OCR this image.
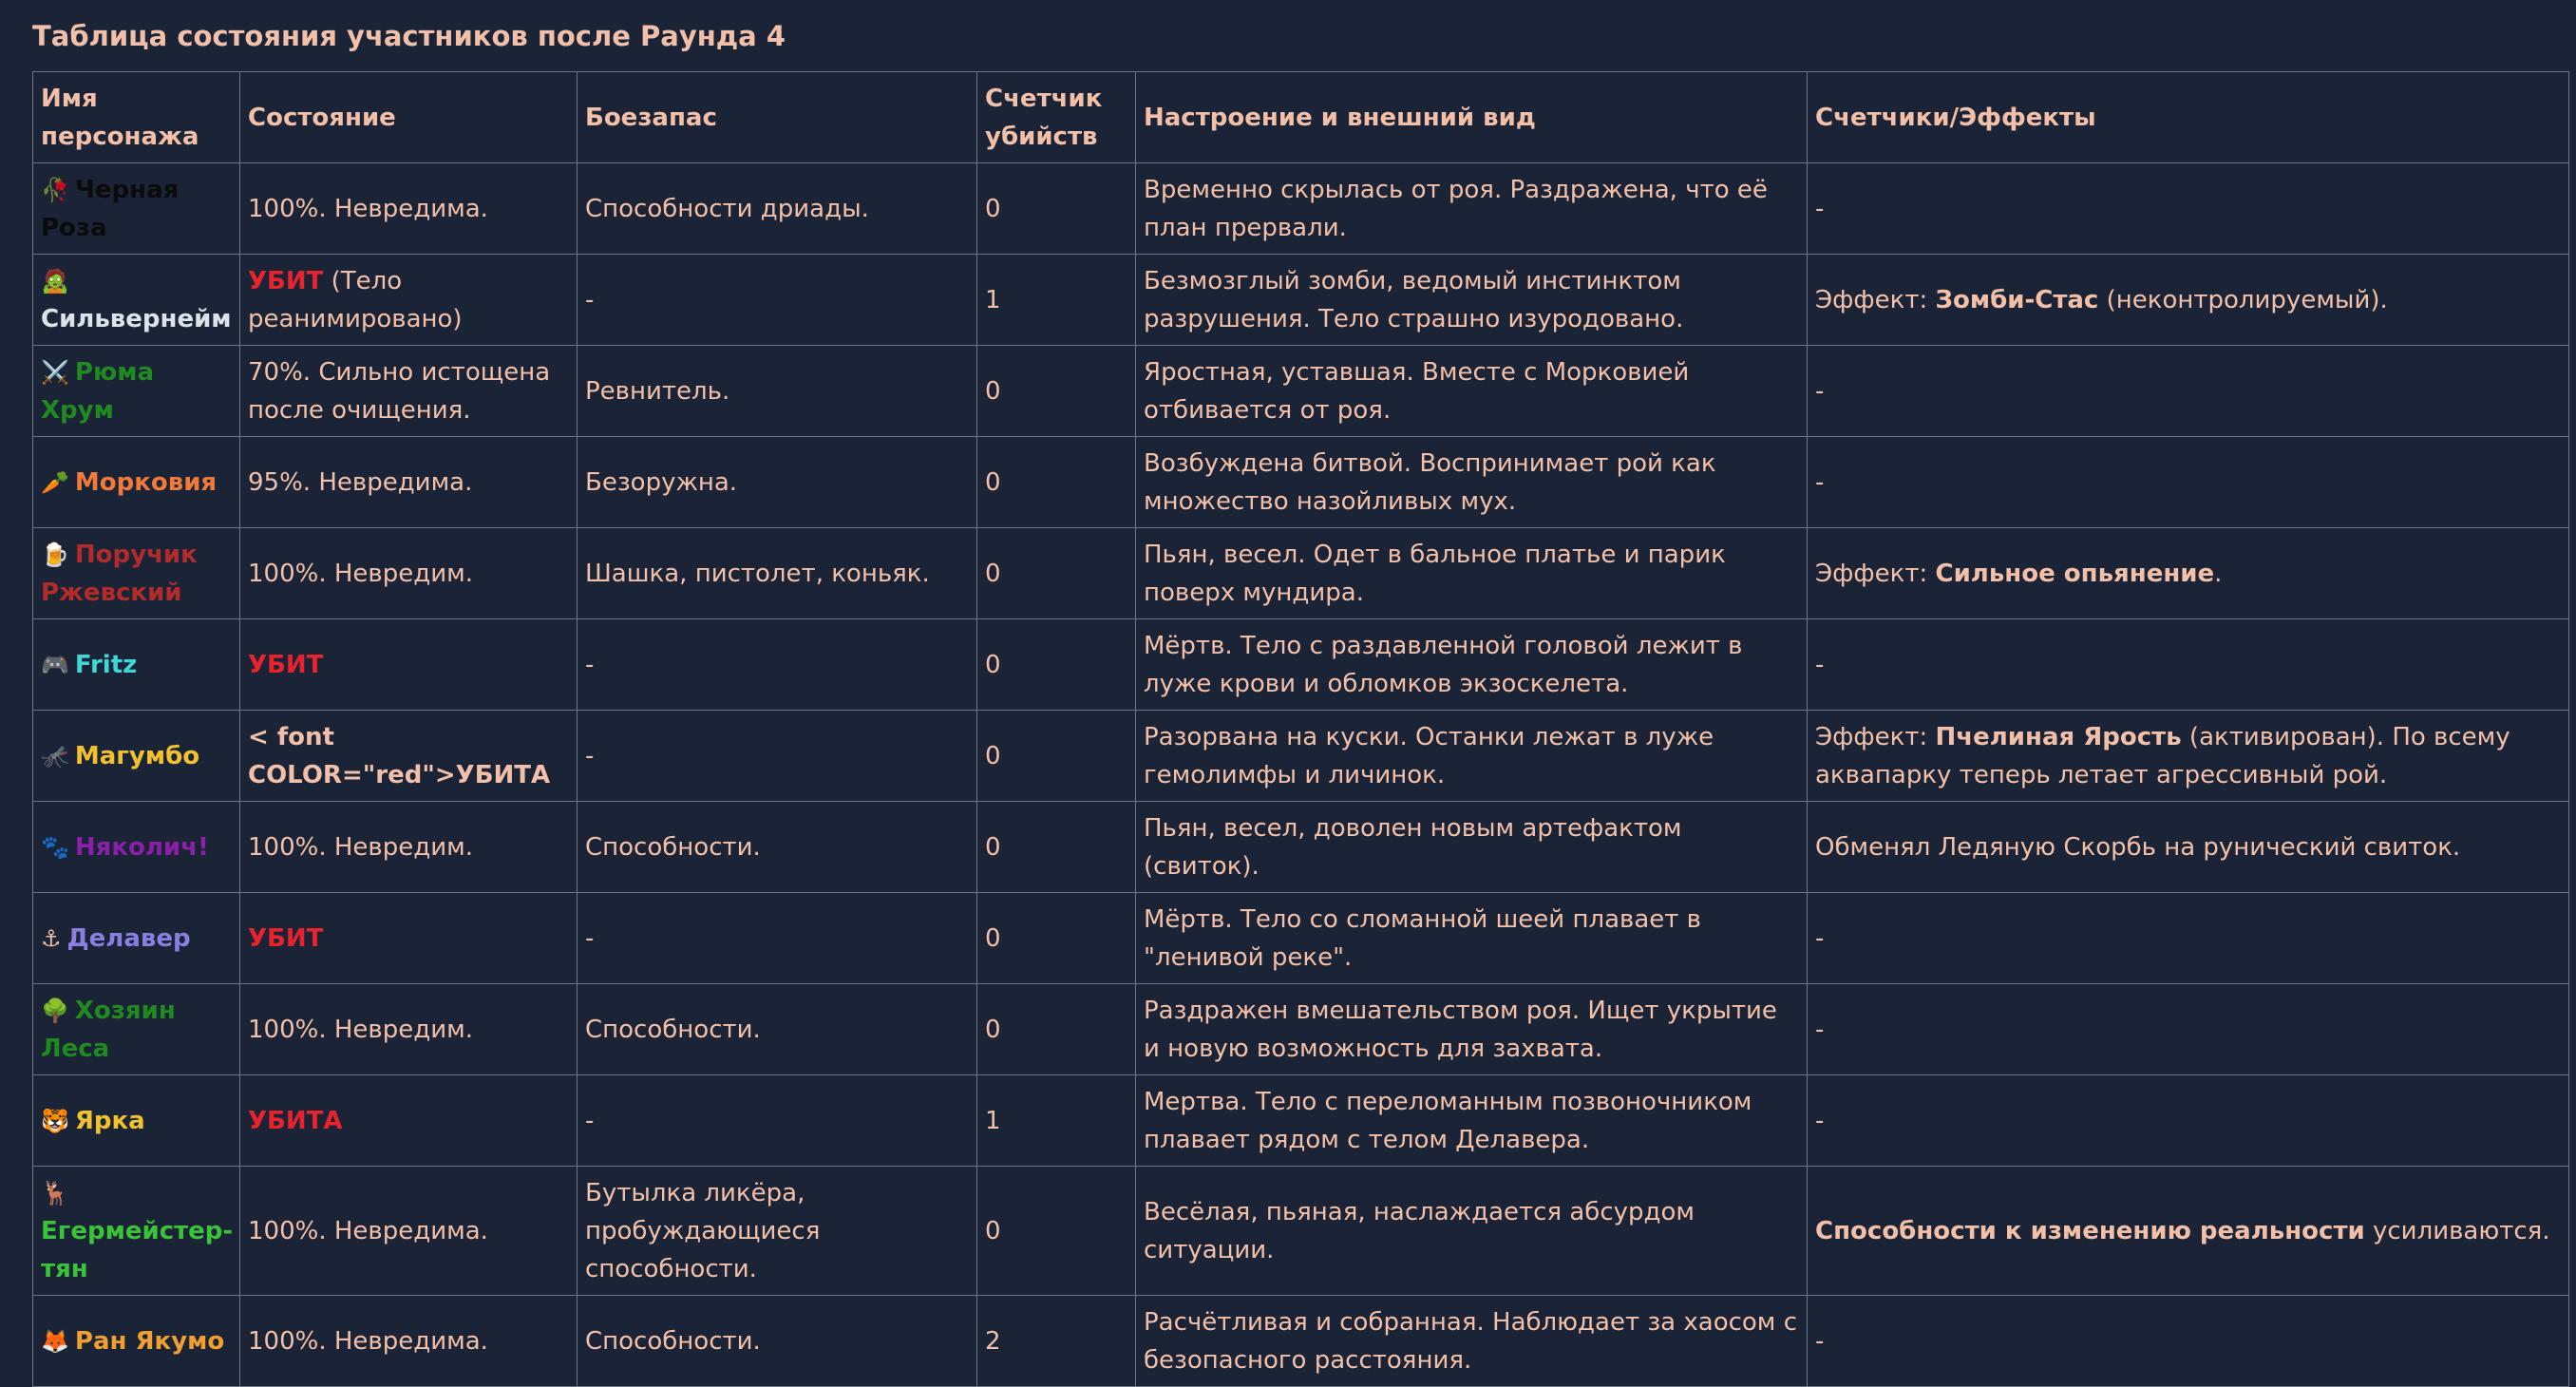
Таблица состояния участников после Раунда 4
Имя персонажа	Состояние	Боезапас	Счетчик убийств	Настроение и внешний вид	Счетчики/Эффекты
🥀 Черная Роза	100%. Невредима.	Способности дриады.	0	Временно скрылась от роя. Раздражена, что её план прервали.	-
🧟Сильвернейм	УБИТ (Тело реанимировано)	-	1	Безмозглый зомби, ведомый инстинктом разрушения. Тело страшно изуродовано.	Эффект: Зомби-Стас (неконтролируемый).
⚔️ Рюма Хрум	70%. Сильно истощена после очищения.	Ревнитель.	0	Яростная, уставшая. Вместе с Морковией отбивается от роя.	-
🥕 Морковия	95%. Невредима.	Безоружна.	0	Возбуждена битвой. Воспринимает рой как множество назойливых мух.	-
🍺 Поручик Ржевский	100%. Невредим.	Шашка, пистолет, коньяк.	0	Пьян, весел. Одет в бальное платье и парик поверх мундира.	Эффект: Сильное опьянение.
🎮 Fritz	УБИТ	-	0	Мёртв. Тело с раздавленной головой лежит в луже крови и обломков экзоскелета.	-
🦟 Магумбо	< font COLOR="red">УБИТА	-	0	Разорвана на куски. Останки лежат в луже гемолимфы и личинок.	Эффект: Пчелиная Ярость (активирован). По всему аквапарку теперь летает агрессивный рой.
🐾 Няколич!	100%. Невредим.	Способности.	0	Пьян, весел, доволен новым артефактом (свиток).	Обменял Ледяную Скорбь на рунический свиток.
⚓ Делавер	УБИТ	-	0	Мёртв. Тело со сломанной шеей плавает в "ленивой реке".	-
🌳 Хозяин Леса	100%. Невредим.	Способности.	0	Раздражен вмешательством роя. Ищет укрытие и новую возможность для захвата.	-
🐯 Ярка	УБИТА	-	1	Мертва. Тело с переломанным позвоночником плавает рядом с телом Делавера.	-
🦌Егермейстер-тян	100%. Невредима.	Бутылка ликёра, пробуждающиеся способности.	0	Весёлая, пьяная, наслаждается абсурдом ситуации.	Способности к изменению реальности усиливаются.
🦊 Ран Якумо	100%. Невредима.	Способности.	2	Расчётливая и собранная. Наблюдает за хаосом с безопасного расстояния.	-
